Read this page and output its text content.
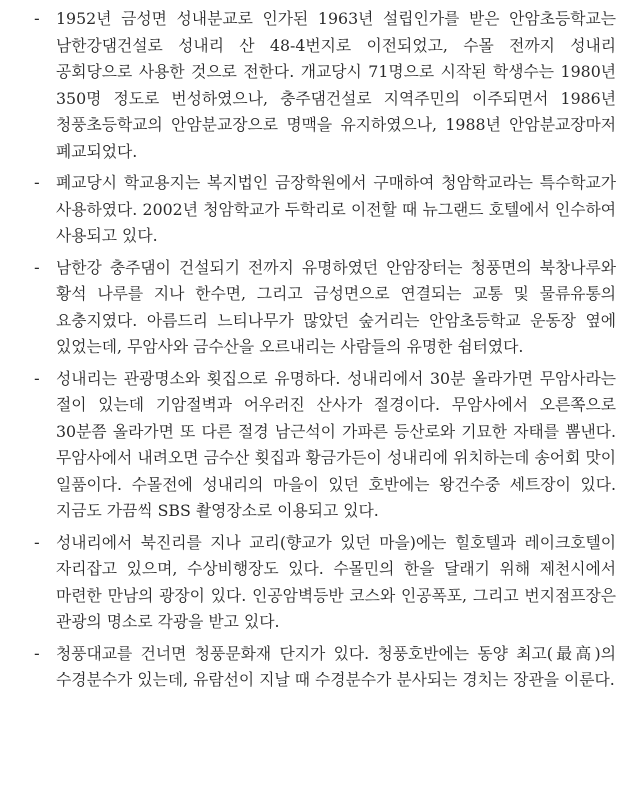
-	1952년 금성면 성내분교로 인가된 1963년 설립인가를 받은 안암초등학교는 남한강댐건설로 성내리 산 48-4번지로 이전되었고, 수몰 전까지 성내리 공회당으로 사용한 것으로 전한다. 개교당시 71명으로 시작된 학생수는 1980년 350명 정도로 번성하였으나, 충주댐건설로 지역주민의 이주되면서 1986년 청풍초등학교의 안암분교장으로 명맥을 유지하였으나, 1988년 안암분교장마저 폐교되었다.
-	폐교당시 학교용지는 복지법인 금장학원에서 구매하여 청암학교라는 특수학교가 사용하였다. 2002년 청암학교가 두학리로 이전할 때 뉴그랜드 호텔에서 인수하여 사용되고 있다.
-	남한강 충주댐이 건설되기 전까지 유명하였던 안암장터는 청풍면의 북창나루와 황석 나루를 지나 한수면, 그리고 금성면으로 연결되는 교통 및 물류유통의 요충지였다. 아름드리 느티나무가 많았던 숲거리는 안암초등학교 운동장 옆에 있었는데, 무암사와 금수산을 오르내리는 사람들의 유명한 쉼터였다.
-	성내리는 관광명소와 횟집으로 유명하다. 성내리에서 30분 올라가면 무암사라는 절이 있는데 기암절벽과 어우러진 산사가 절경이다. 무암사에서 오른쪽으로 30분쯤 올라가면 또 다른 절경 남근석이 가파른 등산로와 기묘한 자태를 뽐낸다. 무암사에서 내려오면 금수산 횟집과 황금가든이 성내리에 위치하는데 송어회 맛이 일품이다. 수몰전에 성내리의 마을이 있던 호반에는 왕건수중 세트장이 있다. 지금도 가끔씩 SBS 촬영장소로 이용되고 있다.
-	성내리에서 북진리를 지나 교리(향교가 있던 마을)에는 힐호텔과 레이크호텔이 자리잡고 있으며, 수상비행장도 있다. 수몰민의 한을 달래기 위해 제천시에서 마련한 만남의 광장이 있다. 인공암벽등반 코스와 인공폭포, 그리고 번지점프장은 관광의 명소로 각광을 받고 있다.
-	청풍대교를 건너면 청풍문화재 단지가 있다. 청풍호반에는 동양 최고(最高)의 수경분수가 있는데, 유람선이 지날 때 수경분수가 분사되는 경치는 장관을 이룬다.
